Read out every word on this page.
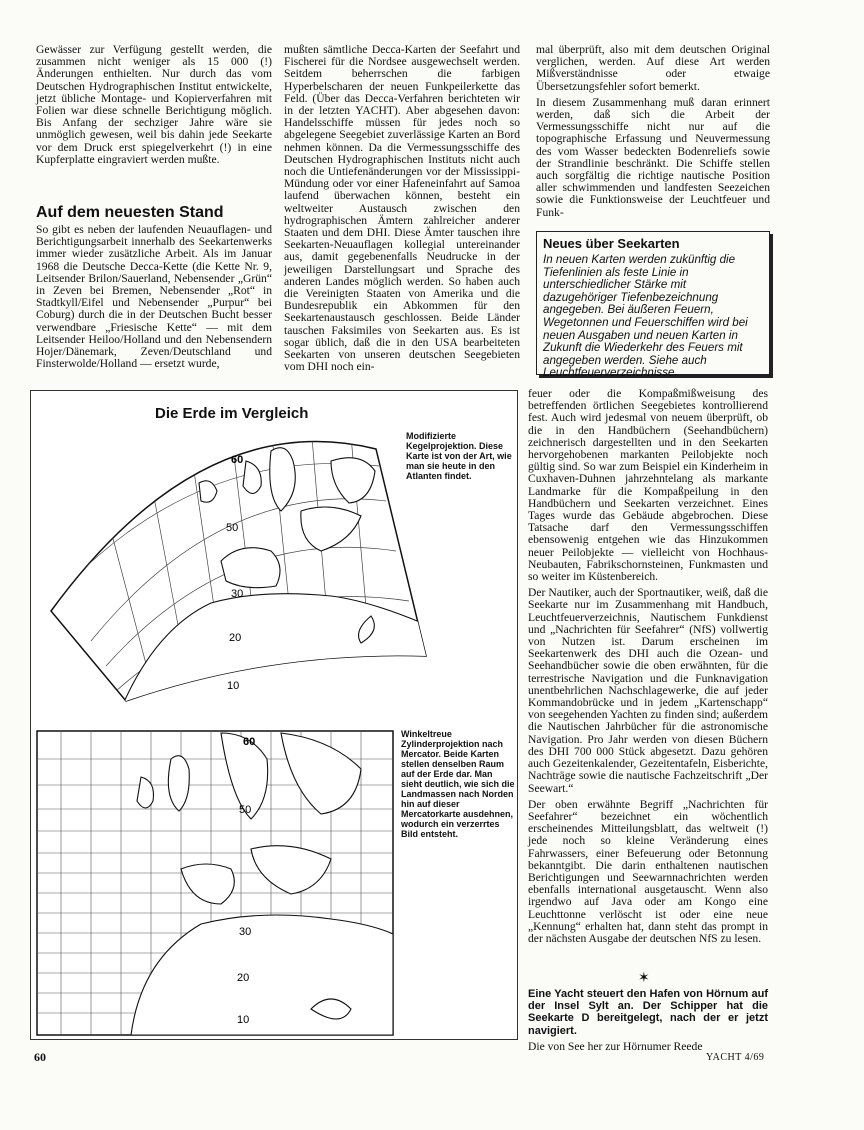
Gewässer zur Verfügung gestellt werden, die zusammen nicht weniger als 15 000 (!) Änderungen enthielten. Nur durch das vom Deutschen Hydrographischen Institut entwickelte, jetzt übliche Montage- und Kopierverfahren mit Folien war diese schnelle Berichtigung möglich. Bis Anfang der sechziger Jahre wäre sie unmöglich gewesen, weil bis dahin jede Seekarte vor dem Druck erst spiegelverkehrt (!) in eine Kupferplatte eingraviert werden mußte.

Auf dem neuesten Stand

So gibt es neben der laufenden Neuauflagen- und Berichtigungsarbeit innerhalb des Seekartenwerks immer wieder zusätzliche Arbeit. Als im Januar 1968 die Deutsche Decca-Kette (die Kette Nr. 9, Leitsender Brilon/Sauerland, Nebensender „Grün“ in Zeven bei Bremen, Nebensender „Rot“ in Stadtkyll/Eifel und Nebensender „Purpur“ bei Coburg) durch die in der Deutschen Bucht besser verwendbare „Friesische Kette“ — mit dem Leitsender Heiloo/Holland und den Nebensendern Hojer/Dänemark, Zeven/Deutschland und Finsterwolde/Holland — ersetzt wurde,

mußten sämtliche Decca-Karten der Seefahrt und Fischerei für die Nordsee ausgewechselt werden. Seitdem beherrschen die farbigen Hyperbelscharen der neuen Funkpeilerkette das Feld. (Über das Decca-Verfahren berichteten wir in der letzten YACHT). Aber abgesehen davon: Handelsschiffe müssen für jedes noch so abgelegene Seegebiet zuverlässige Karten an Bord nehmen können. Da die Vermessungsschiffe des Deutschen Hydrographischen Instituts nicht auch noch die Untiefenänderungen vor der Mississippi-Mündung oder vor einer Hafeneinfahrt auf Samoa laufend überwachen können, besteht ein weltweiter Austausch zwischen den hydrographischen Ämtern zahlreicher anderer Staaten und dem DHI. Diese Ämter tauschen ihre Seekarten-Neuauflagen kollegial untereinander aus, damit gegebenenfalls Neudrucke in der jeweiligen Darstellungsart und Sprache des anderen Landes möglich werden. So haben auch die Vereinigten Staaten von Amerika und die Bundesrepublik ein Abkommen für den Seekartenaustausch geschlossen. Beide Länder tauschen Faksimiles von Seekarten aus. Es ist sogar üblich, daß die in den USA bearbeiteten Seekarten von unseren deutschen Seegebieten vom DHI noch ein-

mal überprüft, also mit dem deutschen Original verglichen, werden. Auf diese Art werden Mißverständnisse oder etwaige Übersetzungsfehler sofort bemerkt.

In diesem Zusammenhang muß daran erinnert werden, daß sich die Arbeit der Vermessungsschiffe nicht nur auf die topographische Erfassung und Neuvermessung des vom Wasser bedeckten Bodenreliefs sowie der Strandlinie beschränkt. Die Schiffe stellen auch sorgfältig die richtige nautische Position aller schwimmenden und landfesten Seezeichen sowie die Funktionsweise der Leuchtfeuer und Funk-

Neues über Seekarten
In neuen Karten werden zukünftig die Tiefenlinien als feste Linie in unterschiedlicher Stärke mit dazugehöriger Tiefenbezeichnung angegeben. Bei äußeren Feuern, Wegetonnen und Feuerschiffen wird bei neuen Ausgaben und neuen Karten in Zukunft die Wiederkehr des Feuers mit angegeben werden. Siehe auch Leuchtfeuerverzeichnisse.
Die Erde im Vergleich
Modifizierte Kegelprojektion. Diese Karte ist von der Art, wie man sie heute in den Atlanten findet.
Winkeltreue Zylinderprojektion nach Mercator. Beide Karten stellen denselben Raum auf der Erde dar. Man sieht deutlich, wie sich die Landmassen nach Norden hin auf dieser Mercatorkarte ausdehnen, wodurch ein verzerrtes Bild entsteht.
60
50
30
20
10
60
50
30
20
10

feuer oder die Kompaßmißweisung des betreffenden örtlichen Seegebietes kontrollierend fest. Auch wird jedesmal von neuem überprüft, ob die in den Handbüchern (Seehandbüchern) zeichnerisch dargestellten und in den Seekarten hervorgehobenen markanten Peilobjekte noch gültig sind. So war zum Beispiel ein Kinderheim in Cuxhaven-Duhnen jahrzehntelang als markante Landmarke für die Kompaßpeilung in den Handbüchern und Seekarten verzeichnet. Eines Tages wurde das Gebäude abgebrochen. Diese Tatsache darf den Vermessungsschiffen ebensowenig entgehen wie das Hinzukommen neuer Peilobjekte — vielleicht von Hochhaus-Neubauten, Fabrikschornsteinen, Funkmasten und so weiter im Küstenbereich.

Der Nautiker, auch der Sportnautiker, weiß, daß die Seekarte nur im Zusammenhang mit Handbuch, Leuchtfeuerverzeichnis, Nautischem Funkdienst und „Nachrichten für Seefahrer“ (NfS) vollwertig von Nutzen ist. Darum erscheinen im Seekartenwerk des DHI auch die Ozean- und Seehandbücher sowie die oben erwähnten, für die terrestrische Navigation und die Funknavigation unentbehrlichen Nachschlagewerke, die auf jeder Kommandobrücke und in jedem „Kartenschapp“ von seegehenden Yachten zu finden sind; außerdem die Nautischen Jahrbücher für die astronomische Navigation. Pro Jahr werden von diesen Büchern des DHI 700 000 Stück abgesetzt. Dazu gehören auch Gezeitenkalender, Gezeitentafeln, Eisberichte, Nachträge sowie die nautische Fachzeitschrift „Der Seewart.“

Der oben erwähnte Begriff „Nachrichten für Seefahrer“ bezeichnet ein wöchentlich erscheinendes Mitteilungsblatt, das weltweit (!) jede noch so kleine Veränderung eines Fahrwassers, einer Befeuerung oder Betonnung bekanntgibt. Die darin enthaltenen nautischen Berichtigungen und Seewarnnachrichten werden ebenfalls international ausgetauscht. Wenn also irgendwo auf Java oder am Kongo eine Leuchttonne verlöscht ist oder eine neue „Kennung“ erhalten hat, dann steht das prompt in der nächsten Ausgabe der deutschen NfS zu lesen.

✶

Eine Yacht steuert den Hafen von Hörnum auf der Insel Sylt an. Der Schipper hat die Seekarte D bereitgelegt, nach der er jetzt navigiert.

Die von See her zur Hörnumer Reede

60	YACHT 4/69
